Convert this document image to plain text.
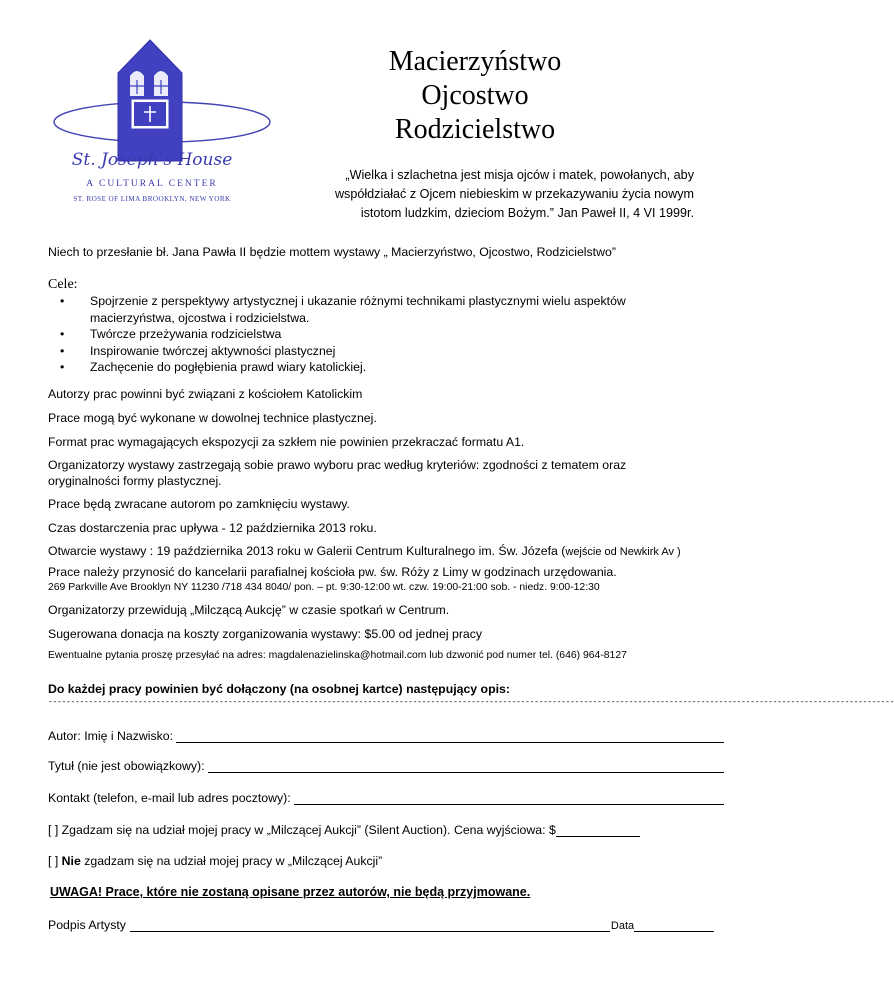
St. Joseph's House
A CULTURAL CENTER
ST. ROSE OF LIMA BROOKLYN, NEW YORK
Macierzyństwo
Ojcostwo
Rodzicielstwo
„Wielka i szlachetna jest misja ojców i matek, powołanych, aby
współdziałać z Ojcem niebieskim w przekazywaniu życia nowym
istotom ludzkim, dzieciom Bożym.” Jan Paweł II, 4 VI 1999r.
Niech to przesłanie bł. Jana Pawła II będzie mottem wystawy „ Macierzyństwo, Ojcostwo, Rodzicielstwo”
Cele:
• Spojrzenie z perspektywy artystycznej i ukazanie różnymi technikami plastycznymi wielu aspektów macierzyństwa, ojcostwa i rodzicielstwa.
• Twórcze przeżywania rodzicielstwa
• Inspirowanie twórczej aktywności plastycznej
• Zachęcenie do pogłębienia prawd wiary katolickiej.
Autorzy prac powinni być związani z kościołem Katolickim
Prace mogą być wykonane w dowolnej technice plastycznej.
Format prac wymagających ekspozycji za szkłem nie powinien przekraczać formatu A1.
Organizatorzy wystawy zastrzegają sobie prawo wyboru prac według kryteriów: zgodności z tematem oraz
oryginalności formy plastycznej.
Prace będą zwracane autorom po zamknięciu wystawy.
Czas dostarczenia prac upływa - 12 października 2013 roku.
Otwarcie wystawy : 19 października 2013 roku w Galerii Centrum Kulturalnego im. Św. Józefa (wejście od Newkirk Av )
Prace należy przynosić do kancelarii parafialnej kościoła pw. św. Róży z Limy w godzinach urzędowania.
269 Parkville Ave Brooklyn NY 11230 /718 434 8040/ pon. – pt. 9:30-12:00 wt. czw. 19:00-21:00 sob. - niedz. 9:00-12:30
Organizatorzy przewidują „Milczącą Aukcję” w czasie spotkań w Centrum.
Sugerowana donacja na koszty zorganizowania wystawy: $5.00 od jednej pracy
Ewentualne pytania proszę przesyłać na adres: magdalenazielinska@hotmail.com lub dzwonić pod numer tel. (646) 964-8127
Do każdej pracy powinien być dołączony (na osobnej kartce) następujący opis:
--------------------------------------------------------------------------------------------------------------------------------------------------------------------------------------------
Autor: Imię i Nazwisko:
Tytuł (nie jest obowiązkowy):
Kontakt (telefon, e-mail lub adres pocztowy):
[ ] Zgadzam się na udział mojej pracy w „Milczącej Aukcji” (Silent Auction). Cena wyjściowa: $
[ ] Nie zgadzam się na udział mojej pracy w „Milczącej Aukcji”
UWAGA! Prace, które nie zostaną opisane przez autorów, nie będą przyjmowane.
Podpis Artysty	Data
